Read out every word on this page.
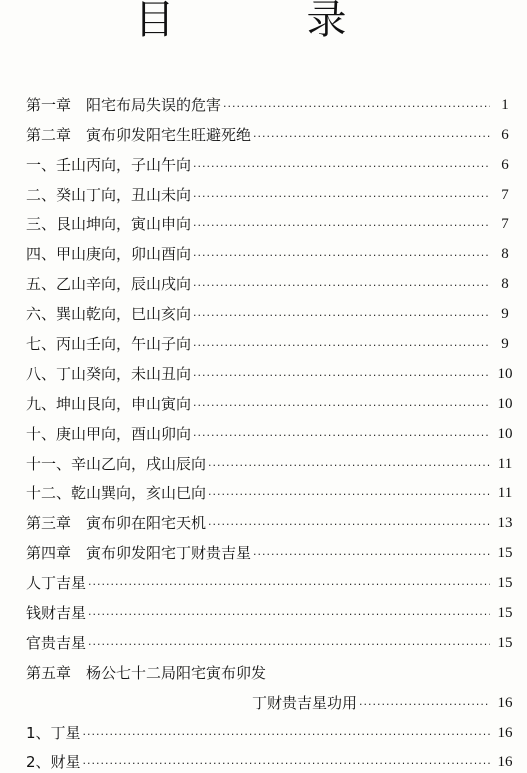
目　录
第一章　阳宅布局失误的危害 ·····	1
第二章　寅布卯发阳宅生旺避死绝 ·····	6
一、壬山丙向，子山午向 ·····	6
二、癸山丁向，丑山未向 ·····	7
三、艮山坤向，寅山申向 ·····	7
四、甲山庚向，卯山酉向 ·····	8
五、乙山辛向，辰山戌向 ·····	8
六、巽山乾向，巳山亥向 ·····	9
七、丙山壬向，午山子向 ·····	9
八、丁山癸向，未山丑向 ·····	10
九、坤山艮向，申山寅向 ·····	10
十、庚山甲向，酉山卯向 ·····	10
十一、辛山乙向，戌山辰向 ·····	11
十二、乾山巽向，亥山巳向 ·····	11
第三章　寅布卯在阳宅天机 ·····	13
第四章　寅布卯发阳宅丁财贵吉星 ·····	15
人丁吉星 ·····	15
钱财吉星 ·····	15
官贵吉星 ·····	15
第五章　杨公七十二局阳宅寅布卯发
丁财贵吉星功用 ·····	16
1、丁星 ·····	16
2、财星 ·····	16
